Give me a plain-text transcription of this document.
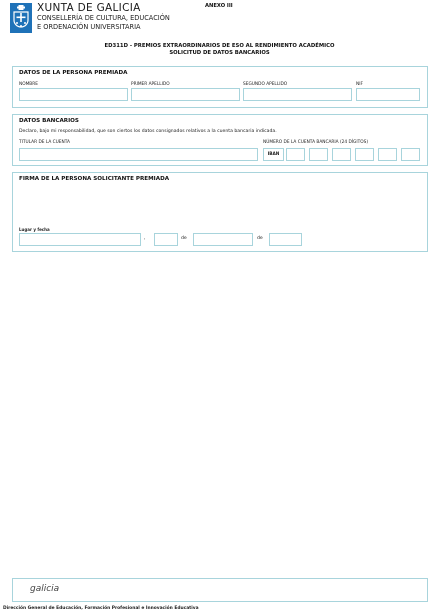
XUNTA DE GALICIA
CONSELLERÍA DE CULTURA, EDUCACIÓN
E ORDENACIÓN UNIVERSITARIA
ANEXO III
ED311D - PREMIOS EXTRAORDINARIOS DE ESO AL RENDIMIENTO ACADÉMICO
SOLICITUD DE DATOS BANCARIOS
DATOS DE LA PERSONA PREMIADA
NOMBRE	PRIMER APELLIDO	SEGUNDO APELLIDO	NIF
DATOS BANCARIOS
Declaro, bajo mi responsabilidad, que son ciertos los datos consignados relativos a la cuenta bancaria indicada.
TITULAR DE LA CUENTA	NÚMERO DE LA CUENTA BANCARIA (24 DÍGITOS)
IBAN
FIRMA DE LA PERSONA SOLICITANTE PREMIADA
Lugar y fecha
,	de	de
galicia
Dirección General de Educación, Formación Profesional e Innovación Educativa
